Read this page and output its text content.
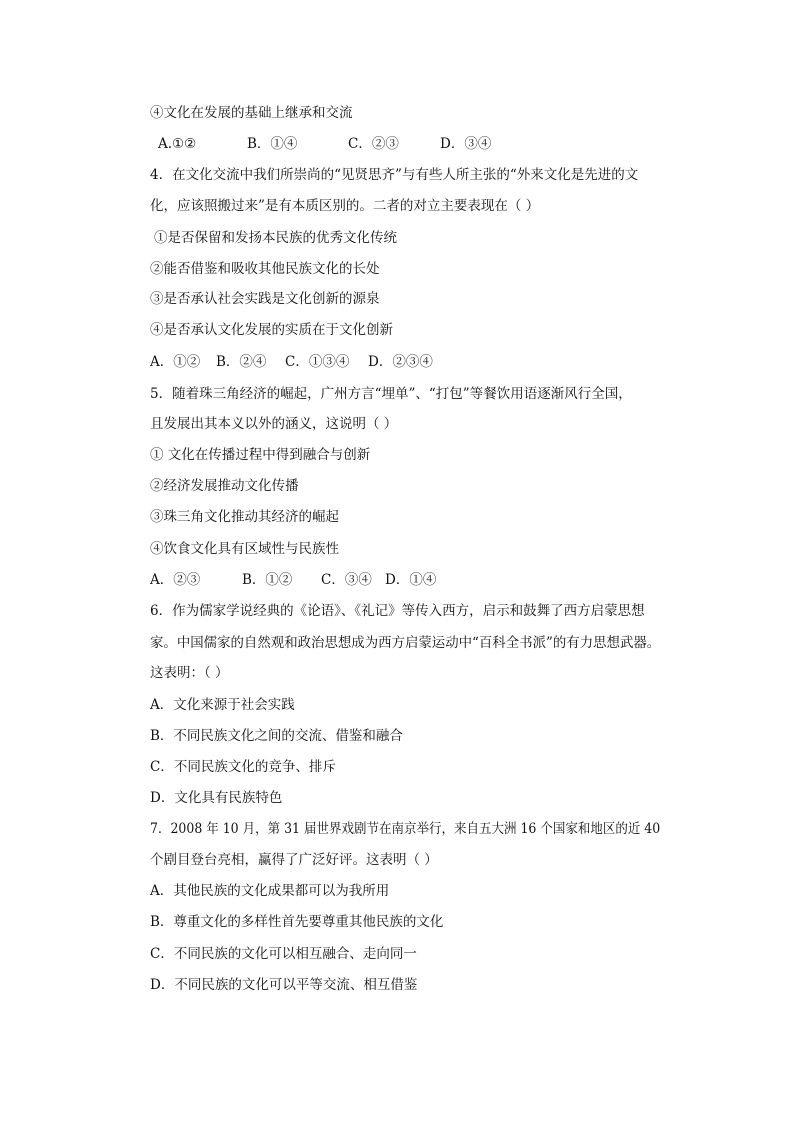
④文化在发展的基础上继承和交流
A.①②	B．①④	C．②③	D．③④
4．在文化交流中我们所崇尚的“见贤思齐”与有些人所主张的“外来文化是先进的文
化，应该照搬过来”是有本质区别的。二者的对立主要表现在（ ）
①是否保留和发扬本民族的优秀文化传统
②能否借鉴和吸收其他民族文化的长处
③是否承认社会实践是文化创新的源泉
④是否承认文化发展的实质在于文化创新
A．①② B．②④ C．①③④ D．②③④
5．随着珠三角经济的崛起，广州方言“埋单”、“打包”等餐饮用语逐渐风行全国，
且发展出其本义以外的涵义，这说明（ ）
① 文化在传播过程中得到融合与创新
②经济发展推动文化传播
③珠三角文化推动其经济的崛起
④饮食文化具有区域性与民族性
A．②③	B．①② C．③④ D．①④
6．作为儒家学说经典的《论语》、《礼记》等传入西方，启示和鼓舞了西方启蒙思想
家。中国儒家的自然观和政治思想成为西方启蒙运动中“百科全书派”的有力思想武器。
这表明：（ ）
A．文化来源于社会实践
B．不同民族文化之间的交流、借鉴和融合
C．不同民族文化的竞争、排斥
D．文化具有民族特色
7．2008 年 10 月，第 31 届世界戏剧节在南京举行，来自五大洲 16 个国家和地区的近 40
个剧目登台亮相，赢得了广泛好评。这表明（ ）
A．其他民族的文化成果都可以为我所用
B．尊重文化的多样性首先要尊重其他民族的文化
C．不同民族的文化可以相互融合、走向同一
D．不同民族的文化可以平等交流、相互借鉴
